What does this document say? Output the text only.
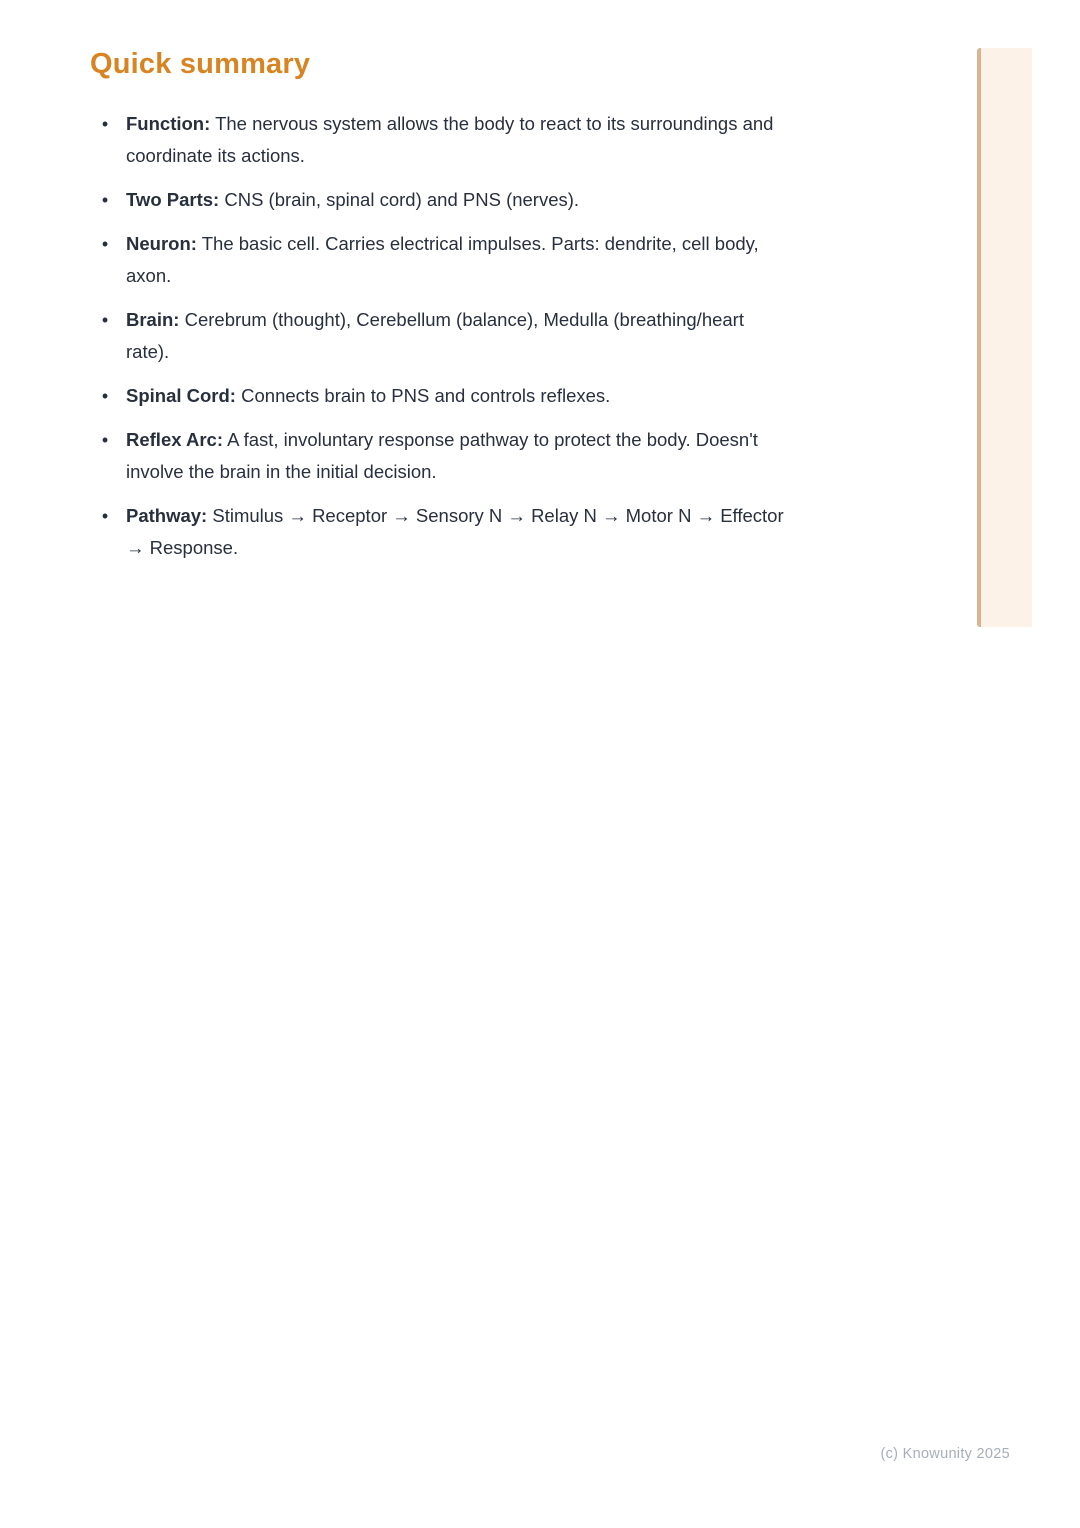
Quick summary
• Function: The nervous system allows the body to react to its surroundings and coordinate its actions.
• Two Parts: CNS (brain, spinal cord) and PNS (nerves).
• Neuron: The basic cell. Carries electrical impulses. Parts: dendrite, cell body, axon.
• Brain: Cerebrum (thought), Cerebellum (balance), Medulla (breathing/heart rate).
• Spinal Cord: Connects brain to PNS and controls reflexes.
• Reflex Arc: A fast, involuntary response pathway to protect the body. Doesn't involve the brain in the initial decision.
• Pathway: Stimulus → Receptor → Sensory N → Relay N → Motor N → Effector → Response.
(c) Knowunity 2025
